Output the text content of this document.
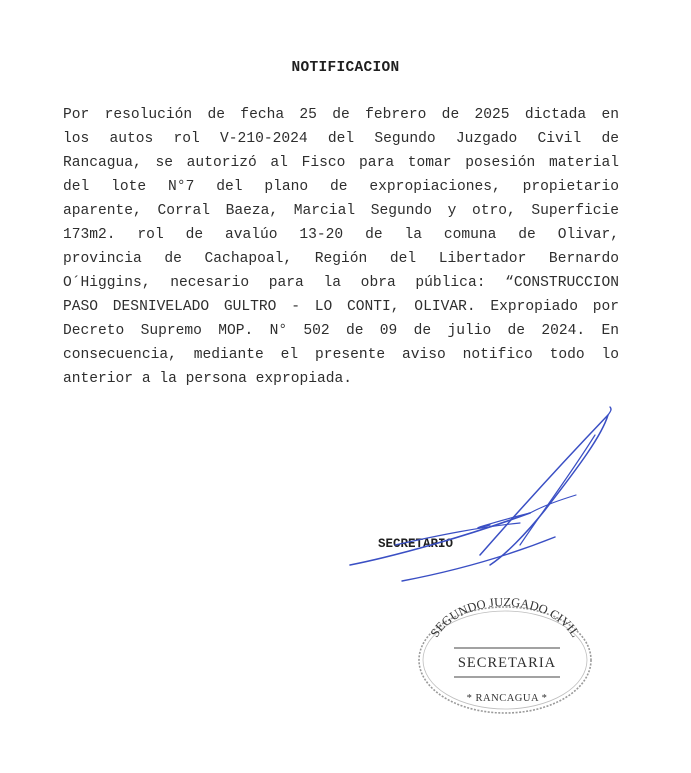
NOTIFICACION
Por resolución de fecha 25 de febrero de 2025 dictada en
los autos rol V-210-2024 del Segundo Juzgado Civil de
Rancagua, se autorizó al Fisco para tomar posesión material
del lote N°7 del plano de expropiaciones, propietario
aparente, Corral Baeza, Marcial Segundo y otro, Superficie
173m2. rol de avalúo 13-20 de la comuna de Olivar,
provincia de Cachapoal, Región del Libertador Bernardo
O´Higgins, necesario para la obra pública: “CONSTRUCCION
PASO DESNIVELADO GULTRO - LO CONTI, OLIVAR. Expropiado por
Decreto Supremo MOP. N° 502 de 09 de julio de 2024. En
consecuencia, mediante el presente aviso notifico todo lo
anterior a la persona expropiada.
SECRETARIO
SEGUNDO JUZGADO CIVIL
SECRETARIA
* RANCAGUA *
